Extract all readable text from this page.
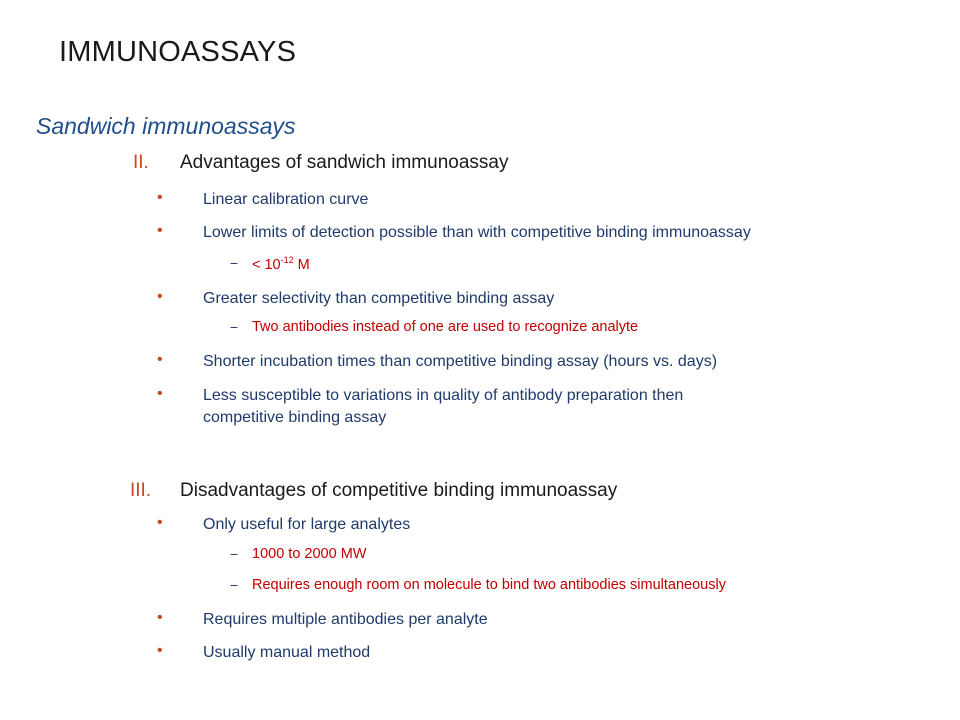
IMMUNOASSAYS
Sandwich immunoassays
II. Advantages of sandwich immunoassay
•	Linear calibration curve
•	Lower limits of detection possible than with competitive binding immunoassay
− < $10^{-12}$ M
•	Greater selectivity than competitive binding assay
− Two antibodies instead of one are used to recognize analyte
•	Shorter incubation times than competitive binding assay (hours vs. days)
•	Less susceptible to variations in quality of antibody preparation then
competitive binding assay
III. Disadvantages of competitive binding immunoassay
•	Only useful for large analytes
− 1000 to 2000 MW
− Requires enough room on molecule to bind two antibodies simultaneously
•	Requires multiple antibodies per analyte
•	Usually manual method
